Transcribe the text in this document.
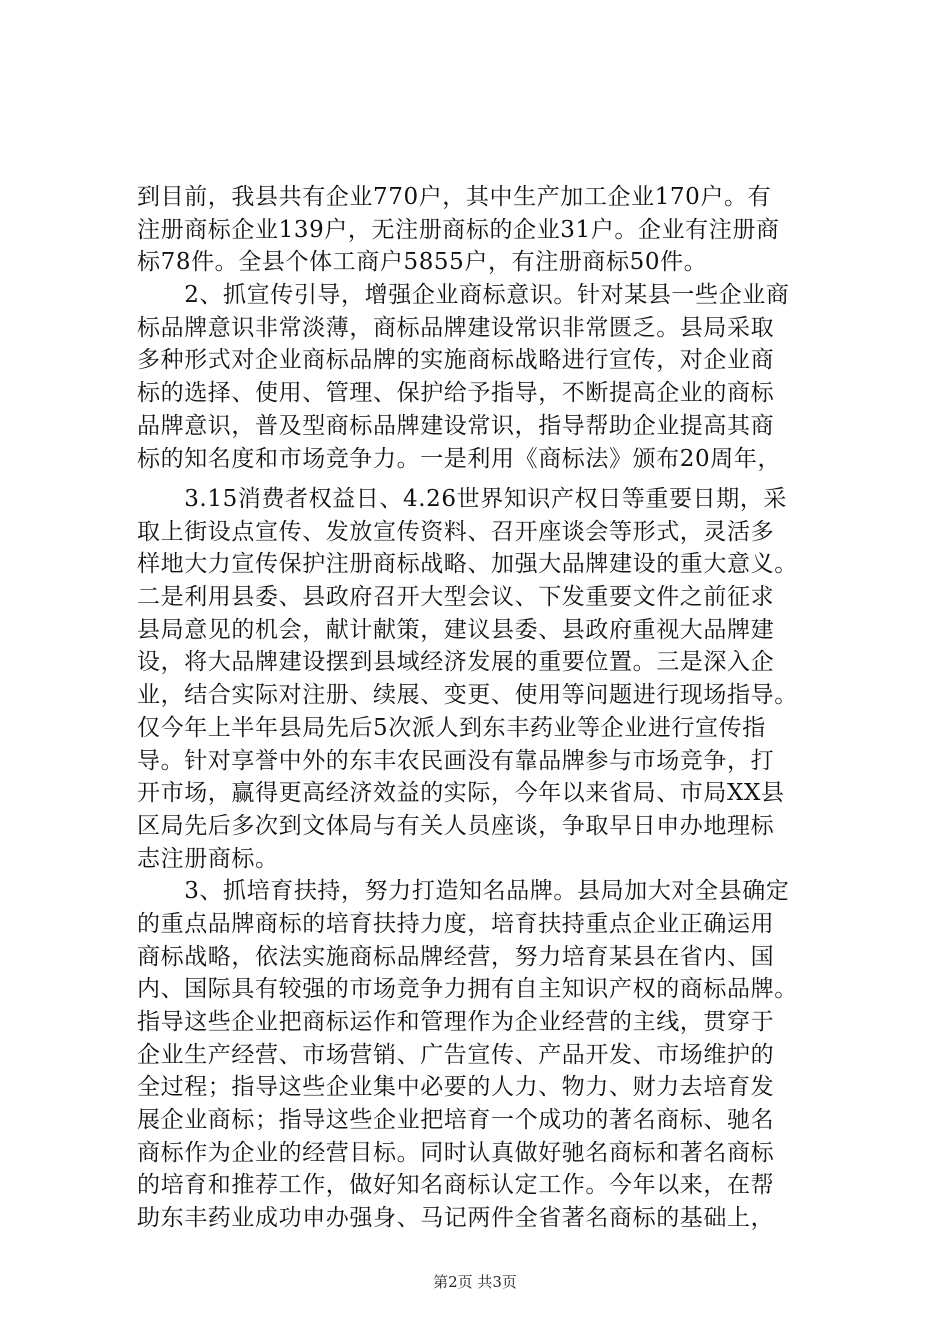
到目前，我县共有企业770户，其中生产加工企业170户。有
注册商标企业139户，无注册商标的企业31户。企业有注册商
标78件。全县个体工商户5855户，有注册商标50件。
　　2、抓宣传引导，增强企业商标意识。针对某县一些企业商
标品牌意识非常淡薄，商标品牌建设常识非常匮乏。县局采取
多种形式对企业商标品牌的实施商标战略进行宣传，对企业商
标的选择、使用、管理、保护给予指导，不断提高企业的商标
品牌意识，普及型商标品牌建设常识，指导帮助企业提高其商
标的知名度和市场竞争力。一是利用《商标法》颁布20周年，
　　3.15消费者权益日、4.26世界知识产权日等重要日期，采
取上街设点宣传、发放宣传资料、召开座谈会等形式，灵活多
样地大力宣传保护注册商标战略、加强大品牌建设的重大意义。
二是利用县委、县政府召开大型会议、下发重要文件之前征求
县局意见的机会，献计献策，建议县委、县政府重视大品牌建
设，将大品牌建设摆到县域经济发展的重要位置。三是深入企
业，结合实际对注册、续展、变更、使用等问题进行现场指导。
仅今年上半年县局先后5次派人到东丰药业等企业进行宣传指
导。针对享誉中外的东丰农民画没有靠品牌参与市场竞争，打
开市场，赢得更高经济效益的实际，今年以来省局、市局XX县
区局先后多次到文体局与有关人员座谈，争取早日申办地理标
志注册商标。
　　3、抓培育扶持，努力打造知名品牌。县局加大对全县确定
的重点品牌商标的培育扶持力度，培育扶持重点企业正确运用
商标战略，依法实施商标品牌经营，努力培育某县在省内、国
内、国际具有较强的市场竞争力拥有自主知识产权的商标品牌。
指导这些企业把商标运作和管理作为企业经营的主线，贯穿于
企业生产经营、市场营销、广告宣传、产品开发、市场维护的
全过程；指导这些企业集中必要的人力、物力、财力去培育发
展企业商标；指导这些企业把培育一个成功的著名商标、驰名
商标作为企业的经营目标。同时认真做好驰名商标和著名商标
的培育和推荐工作，做好知名商标认定工作。今年以来，在帮
助东丰药业成功申办强身、马记两件全省著名商标的基础上，
第2页 共3页
